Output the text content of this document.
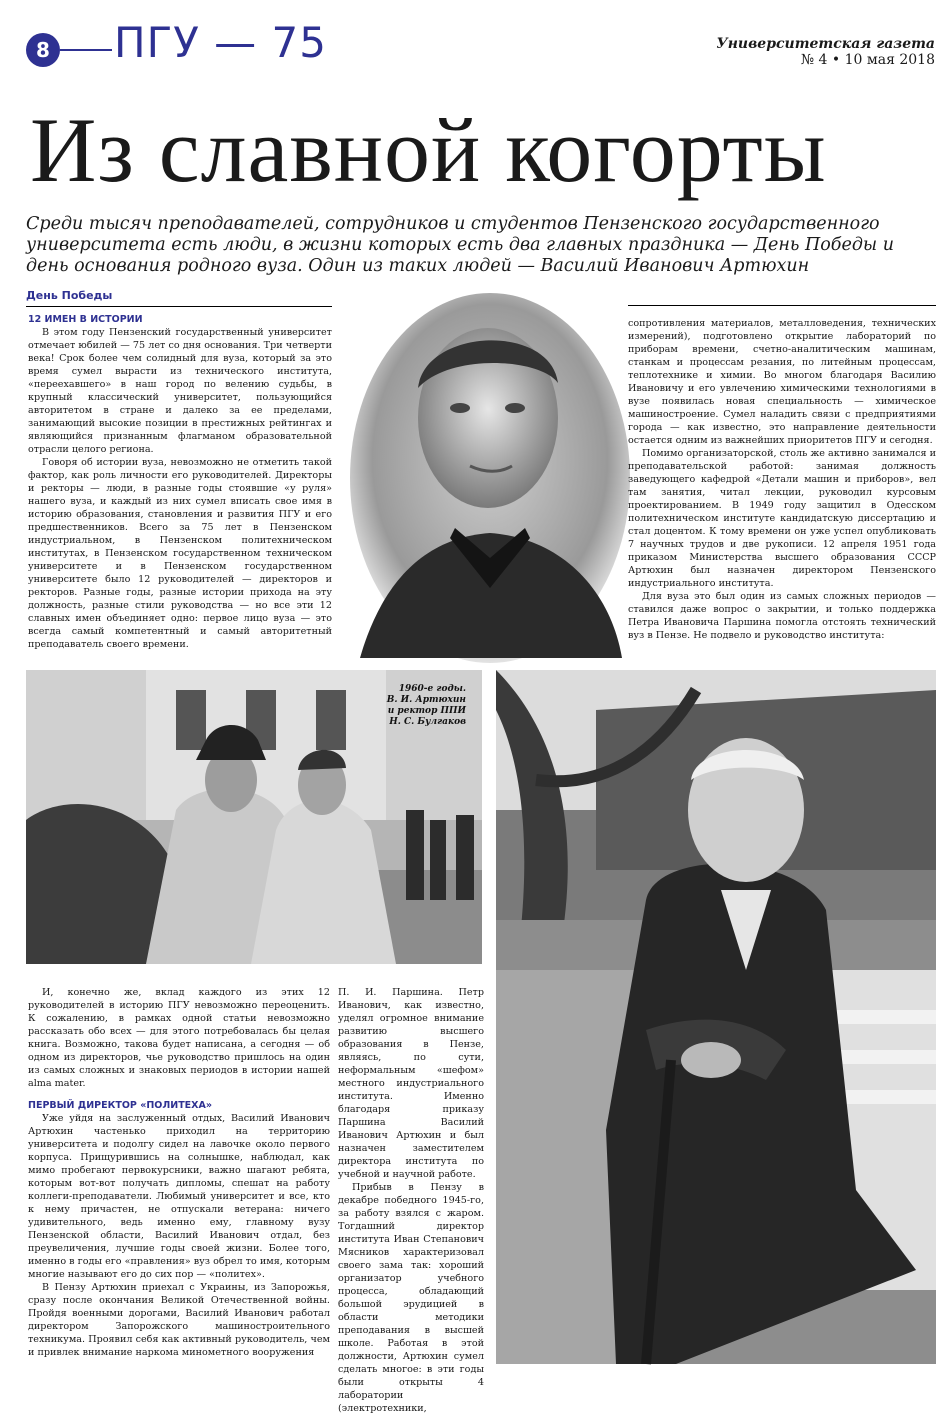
8 ПГУ — 75	Университетская газета
№ 4 • 10 мая 2018
Из славной когорты
Среди тысяч преподавателей, сотрудников и студентов Пензенского государственного университета есть люди, в жизни которых есть два главных праздника — День Победы и день основания родного вуза. Один из таких людей — Василий Иванович Артюхин
День Победы
12 ИМЕН В ИСТОРИИ

В этом году Пензенский государственный университет отмечает юбилей — 75 лет со дня основания. Три четверти века! Срок более чем солидный для вуза, который за это время сумел вырасти из технического института, «переехавшего» в наш город по велению судьбы, в крупный классический университет, пользующийся авторитетом в стране и далеко за ее пределами, занимающий высокие позиции в престижных рейтингах и являющийся признанным флагманом образовательной отрасли целого региона.

Говоря об истории вуза, невозможно не отметить такой фактор, как роль личности его руководителей. Директоры и ректоры — люди, в разные годы стоявшие «у руля» нашего вуза, и каждый из них сумел вписать свое имя в историю образования, становления и развития ПГУ и его предшественников. Всего за 75 лет в Пензенском индустриальном, в Пензенском политехническом институтах, в Пензенском государственном техническом университете и в Пензенском государственном университете было 12 руководителей — директоров и ректоров. Разные годы, разные истории прихода на эту должность, разные стили руководства — но все эти 12 славных имен объединяет одно: первое лицо вуза — это всегда самый компетентный и самый авторитетный преподаватель своего времени.

сопротивления материалов, металловедения, технических измерений), подготовлено открытие лабораторий по приборам времени, счетно-аналитическим машинам, станкам и процессам резания, по литейным процессам, теплотехнике и химии. Во многом благодаря Василию Ивановичу и его увлечению химическими технологиями в вузе появилась новая специальность — химическое машиностроение. Сумел наладить связи с предприятиями города — как известно, это направление деятельности остается одним из важнейших приоритетов ПГУ и сегодня.

Помимо организаторской, столь же активно занимался и преподавательской работой: занимая должность заведующего кафедрой «Детали машин и приборов», вел там занятия, читал лекции, руководил курсовым проектированием. В 1949 году защитил в Одесском политехническом институте кандидатскую диссертацию и стал доцентом. К тому времени он уже успел опубликовать 7 научных трудов и две рукописи. 12 апреля 1951 года приказом Министерства высшего образования СССР Артюхин был назначен директором Пензенского индустриального института.

Для вуза это был один из самых сложных периодов — ставился даже вопрос о закрытии, и только поддержка Петра Ивановича Паршина помогла отстоять технический вуз в Пензе. Не подвело и руководство института:

1960-е годы.
В. И. Артюхин
и ректор ППИ
Н. С. Булгаков

И, конечно же, вклад каждого из этих 12 руководителей в историю ПГУ невозможно переоценить. К сожалению, в рамках одной статьи невозможно рассказать обо всех — для этого потребовалась бы целая книга. Возможно, такова будет написана, а сегодня — об одном из директоров, чье руководство пришлось на один из самых сложных и знаковых периодов в истории нашей alma mater.

ПЕРВЫЙ ДИРЕКТОР «ПОЛИТЕХА»

Уже уйдя на заслуженный отдых, Василий Иванович Артюхин частенько приходил на территорию университета и подолгу сидел на лавочке около первого корпуса. Прищурившись на солнышке, наблюдал, как мимо пробегают первокурсники, важно шагают ребята, которым вот-вот получать дипломы, спешат на работу коллеги-преподаватели. Любимый университет и все, кто к нему причастен, не отпускали ветерана: ничего удивительного, ведь именно ему, главному вузу Пензенской области, Василий Иванович отдал, без преувеличения, лучшие годы своей жизни. Более того, именно в годы его «правления» вуз обрел то имя, которым многие называют его до сих пор — «политех».

В Пензу Артюхин приехал с Украины, из Запорожья, сразу после окончания Великой Отечественной войны. Пройдя военными дорогами, Василий Иванович работал директором Запорожского машиностроительного техникума. Проявил себя как активный руководитель, чем и привлек внимание наркома минометного вооружения

П. И. Паршина. Петр Иванович, как известно, уделял огромное внимание развитию высшего образования в Пензе, являясь, по сути, неформальным «шефом» местного индустриального института. Именно благодаря приказу Паршина Василий Иванович Артюхин и был назначен заместителем директора института по учебной и научной работе.

Прибыв в Пензу в декабре победного 1945-го, за работу взялся с жаром. Тогдашний директор института Иван Степанович Мясников характеризовал своего зама так: хороший организатор учебного процесса, обладающий большой эрудицией в области методики преподавания в высшей школе. Работая в этой должности, Артюхин сумел сделать многое: в эти годы были открыты 4 лаборатории (электротехники,
